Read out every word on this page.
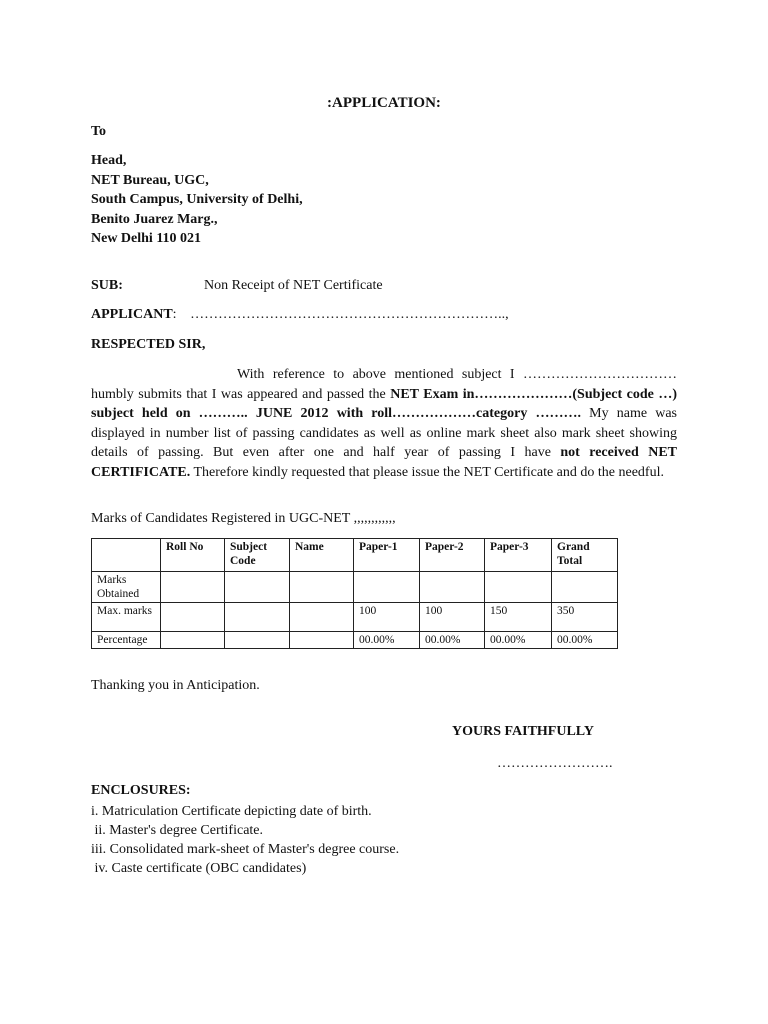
:APPLICATION:
To
Head,
NET Bureau, UGC,
South Campus, University of Delhi,
Benito Juarez Marg.,
New Delhi 110 021
SUB:	Non Receipt of NET Certificate
APPLICANT: …………………………………………………………..,
RESPECTED SIR,
With reference to above mentioned subject I …………………………… humbly submits that I was appeared and passed the NET Exam in…………………(Subject code …) subject held on ……….. JUNE 2012 with roll………………category ………. My name was displayed in number list of passing candidates as well as online mark sheet also mark sheet showing details of passing. But even after one and half year of passing I have not received NET CERTIFICATE. Therefore kindly requested that please issue the NET Certificate and do the needful.
Marks of Candidates Registered in UGC-NET ,,,,,,,,,,,,
	Roll No	Subject Code	Name	Paper-1	Paper-2	Paper-3	Grand Total
Marks Obtained							
Max. marks				100	100	150	350
Percentage				00.00%	00.00%	00.00%	00.00%
Thanking you in Anticipation.
YOURS FAITHFULLY
…………………….
ENCLOSURES:
i. Matriculation Certificate depicting date of birth.
ii. Master's degree Certificate.
iii. Consolidated mark-sheet of Master's degree course.
iv. Caste certificate (OBC candidates)
